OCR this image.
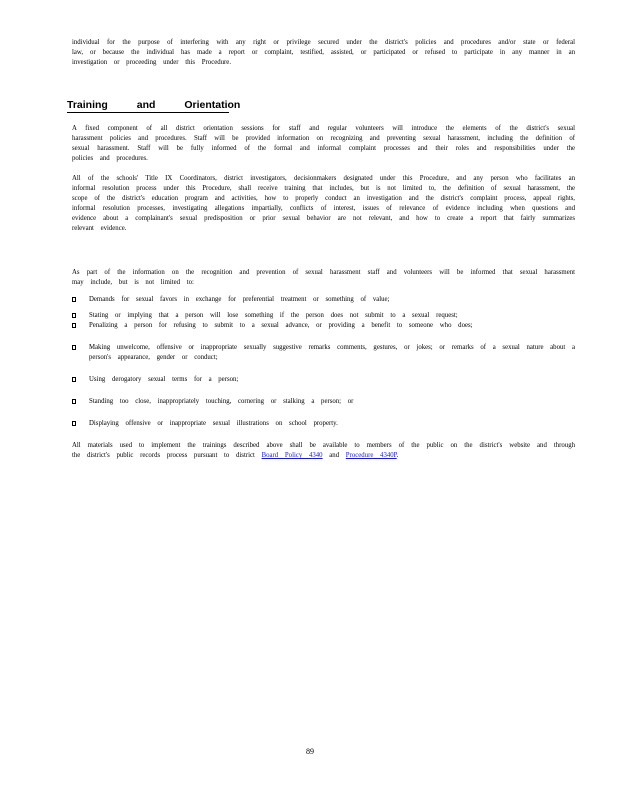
individual for the purpose of interfering with any right or privilege secured under the district's policies and procedures and/or state or federal law, or because the individual has made a report or complaint, testified, assisted, or participated or refused to participate in any manner in an investigation or proceeding under this Procedure.
Training and Orientation
A fixed component of all district orientation sessions for staff and regular volunteers will introduce the elements of the district's sexual harassment policies and procedures. Staff will be provided information on recognizing and preventing sexual harassment, including the definition of sexual harassment. Staff will be fully informed of the formal and informal complaint processes and their roles and responsibilities under the policies and procedures.
All of the schools' Title IX Coordinators, district investigators, decisionmakers designated under this Procedure, and any person who facilitates an informal resolution process under this Procedure, shall receive training that includes, but is not limited to, the definition of sexual harassment, the scope of the district's education program and activities, how to properly conduct an investigation and the district's complaint process, appeal rights, informal resolution processes, investigating allegations impartially, conflicts of interest, issues of relevance of evidence including when questions and evidence about a complainant's sexual predisposition or prior sexual behavior are not relevant, and how to create a report that fairly summarizes relevant evidence.
As part of the information on the recognition and prevention of sexual harassment staff and volunteers will be informed that sexual harassment may include, but is not limited to:
Demands for sexual favors in exchange for preferential treatment or something of value;
Stating or implying that a person will lose something if the person does not submit to a sexual request;
Penalizing a person for refusing to submit to a sexual advance, or providing a benefit to someone who does;
Making unwelcome, offensive or inappropriate sexually suggestive remarks comments, gestures, or jokes; or remarks of a sexual nature about a person's appearance, gender or conduct;
Using derogatory sexual terms for a person;
Standing too close, inappropriately touching, cornering or stalking a person; or
Displaying offensive or inappropriate sexual illustrations on school property.
All materials used to implement the trainings described above shall be available to members of the public on the district's website and through the district's public records process pursuant to district Board Policy 4340 and Procedure 4340P.
89
